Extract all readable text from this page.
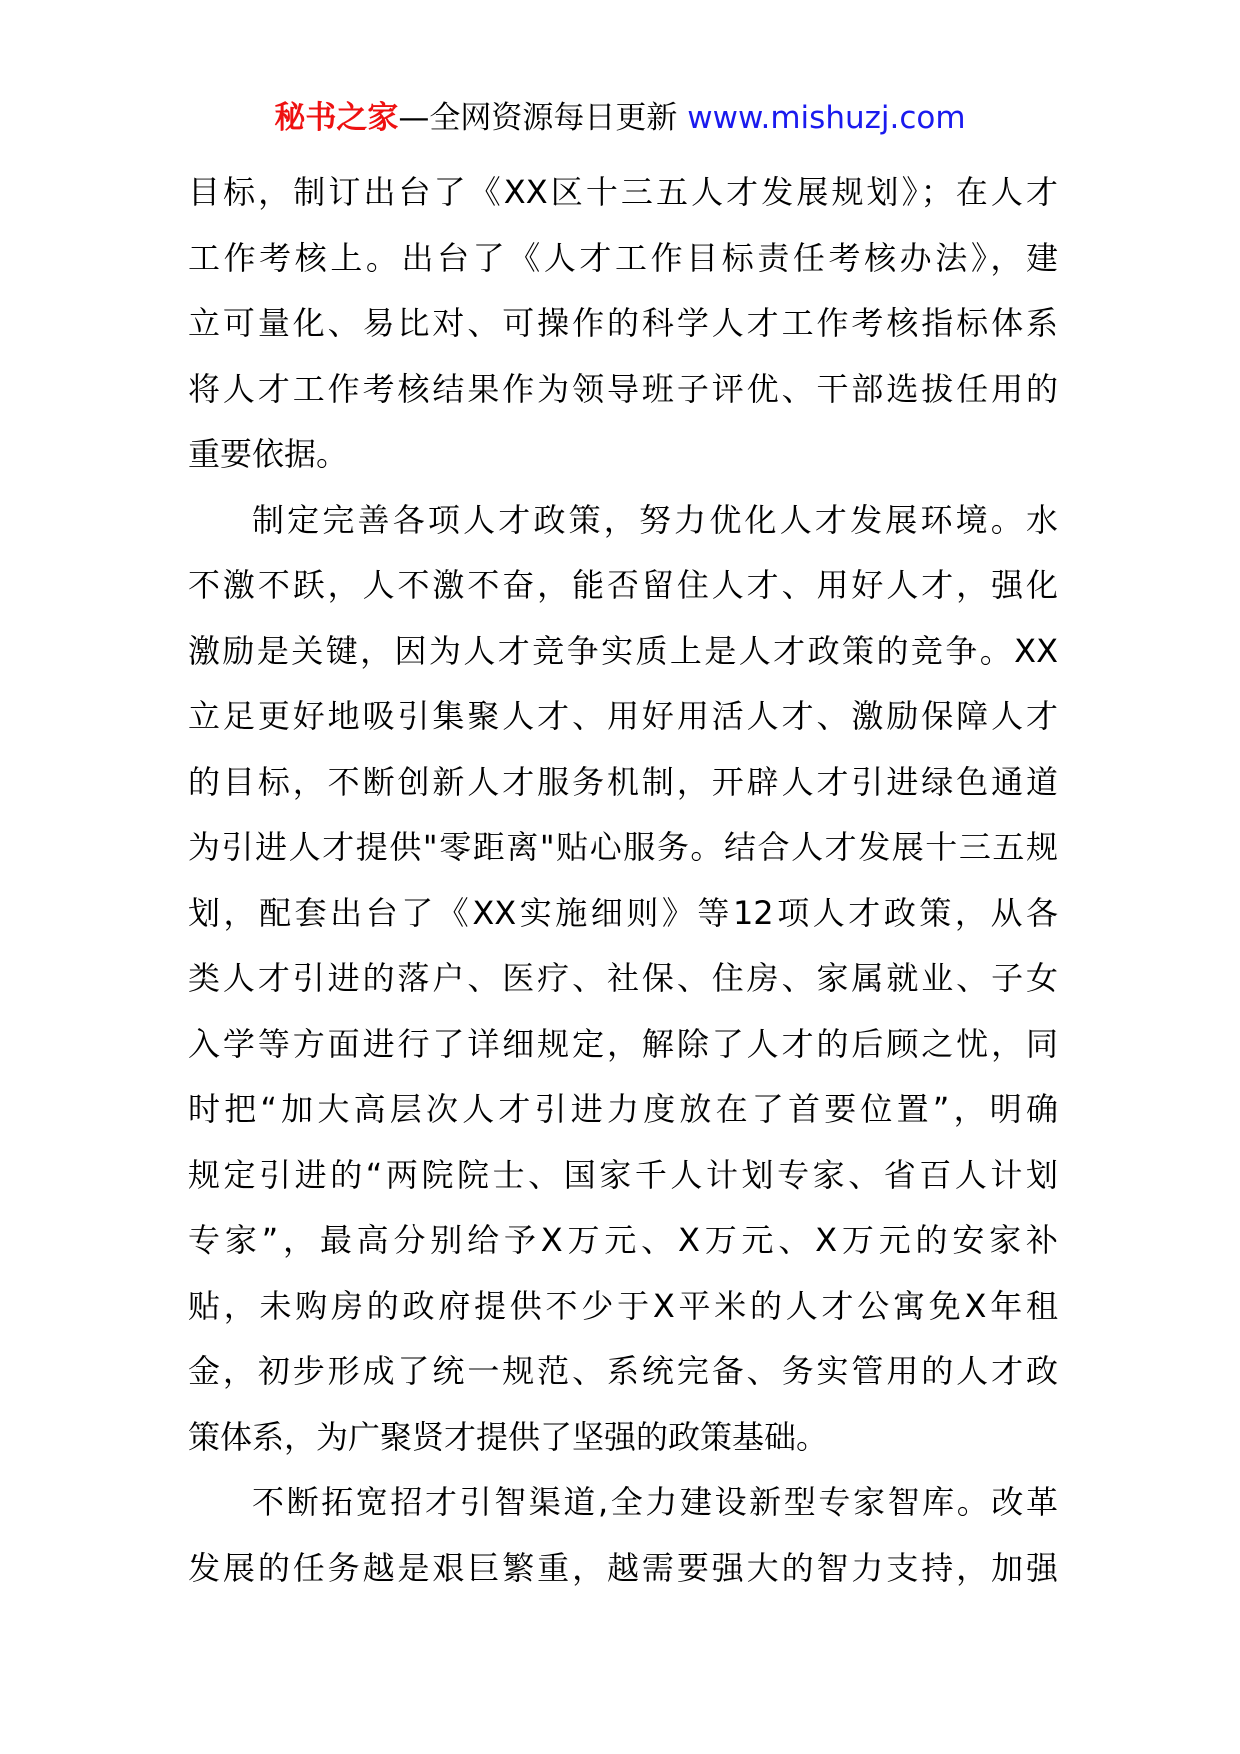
秘书之家—全网资源每日更新 www.mishuzj.com
目标，制订出台了《XX区十三五人才发展规划》；在人才
工作考核上。出台了《人才工作目标责任考核办法》，建
立可量化、易比对、可操作的科学人才工作考核指标体系
将人才工作考核结果作为领导班子评优、干部选拔任用的
重要依据。
制定完善各项人才政策，努力优化人才发展环境。水
不激不跃，人不激不奋，能否留住人才、用好人才，强化
激励是关键，因为人才竞争实质上是人才政策的竞争。XX
立足更好地吸引集聚人才、用好用活人才、激励保障人才
的目标，不断创新人才服务机制，开辟人才引进绿色通道
为引进人才提供"零距离"贴心服务。结合人才发展十三五规
划，配套出台了《XX实施细则》等12项人才政策，从各
类人才引进的落户、医疗、社保、住房、家属就业、子女
入学等方面进行了详细规定，解除了人才的后顾之忧，同
时把“加大高层次人才引进力度放在了首要位置”，明确
规定引进的“两院院士、国家千人计划专家、省百人计划
专家”，最高分别给予X万元、X万元、X万元的安家补
贴，未购房的政府提供不少于X平米的人才公寓免X年租
金，初步形成了统一规范、系统完备、务实管用的人才政
策体系，为广聚贤才提供了坚强的政策基础。
不断拓宽招才引智渠道,全力建设新型专家智库。改革
发展的任务越是艰巨繁重，越需要强大的智力支持，加强
